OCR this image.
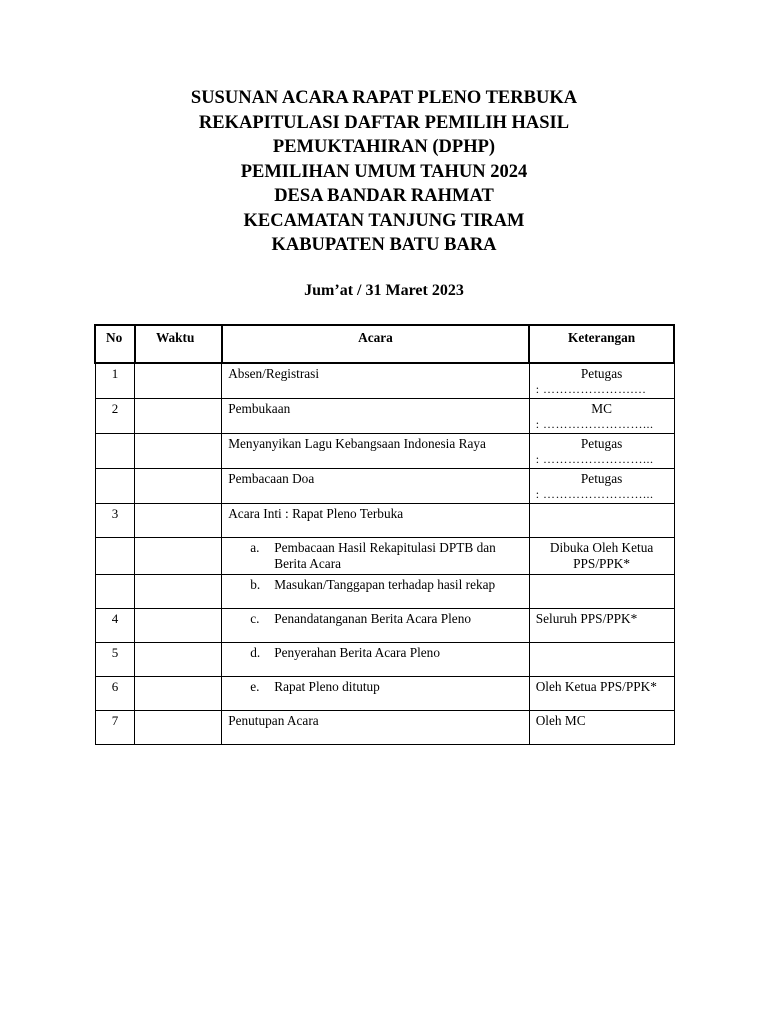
SUSUNAN ACARA RAPAT PLENO TERBUKA
REKAPITULASI DAFTAR PEMILIH HASIL
PEMUKTAHIRAN (DPHP)
PEMILIHAN UMUM TAHUN 2024
DESA BANDAR RAHMAT
KECAMATAN TANJUNG TIRAM
KABUPATEN BATU BARA
Jum’at / 31 Maret 2023
No	Waktu	Acara	Keterangan
1		Absen/Registrasi	Petugas
: ………………….…

2		Pembukaan	MC
: ……………………...

		Menyanyikan Lagu Kebangsaan Indonesia Raya	Petugas
: ……………………...

		Pembacaan Doa	Petugas
: ……………………...

3		Acara Inti : Rapat Pleno Terbuka	

		a. Pembacaan Hasil Rekapitulasi DPTB dan Berita Acara	Dibuka Oleh Ketua PPS/PPK*

		b. Masukan/Tanggapan terhadap hasil rekap	

4		c. Penandatanganan Berita Acara Pleno	Seluruh PPS/PPK*
5		d. Penyerahan Berita Acara Pleno	

6		e. Rapat Pleno ditutup	Oleh Ketua PPS/PPK*
7		Penutupan Acara	Oleh MC
